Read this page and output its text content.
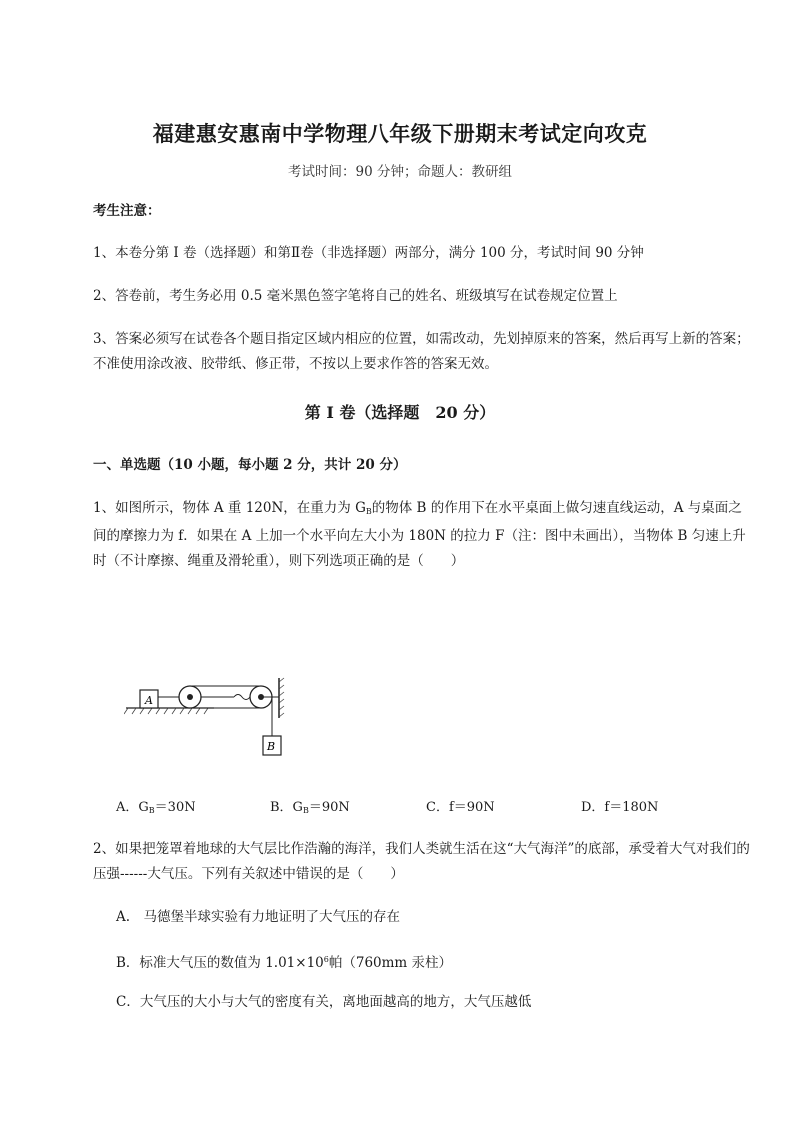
福建惠安惠南中学物理八年级下册期末考试定向攻克
考试时间：90 分钟；命题人：教研组
考生注意：
1、本卷分第 I 卷（选择题）和第Ⅱ卷（非选择题）两部分，满分 100 分，考试时间 90 分钟
2、答卷前，考生务必用 0.5 毫米黑色签字笔将自己的姓名、班级填写在试卷规定位置上
3、答案必须写在试卷各个题目指定区域内相应的位置，如需改动，先划掉原来的答案，然后再写上新的答案；不准使用涂改液、胶带纸、修正带，不按以上要求作答的答案无效。
第 I 卷（选择题　20 分）
一、单选题（10 小题，每小题 2 分，共计 20 分）
1、如图所示，物体 A 重 120N，在重力为 $G_B$的物体 B 的作用下在水平桌面上做匀速直线运动，A 与桌面之间的摩擦力为 f．如果在 A 上加一个水平向左大小为 180N 的拉力 F（注：图中未画出），当物体 B 匀速上升时（不计摩擦、绳重及滑轮重），则下列选项正确的是（　　）
A
B
A．$G_B=30N$	B．$G_B=90N$	C．f＝90N	D．f＝180N
2、如果把笼罩着地球的大气层比作浩瀚的海洋，我们人类就生活在这“大气海洋”的底部，承受着大气对我们的压强------大气压。下列有关叙述中错误的是（　　）
A.　马德堡半球实验有力地证明了大气压的存在
B．标准大气压的数值为 $1.01\times 10^6$帕（760mm 汞柱）
C．大气压的大小与大气的密度有关，离地面越高的地方，大气压越低
